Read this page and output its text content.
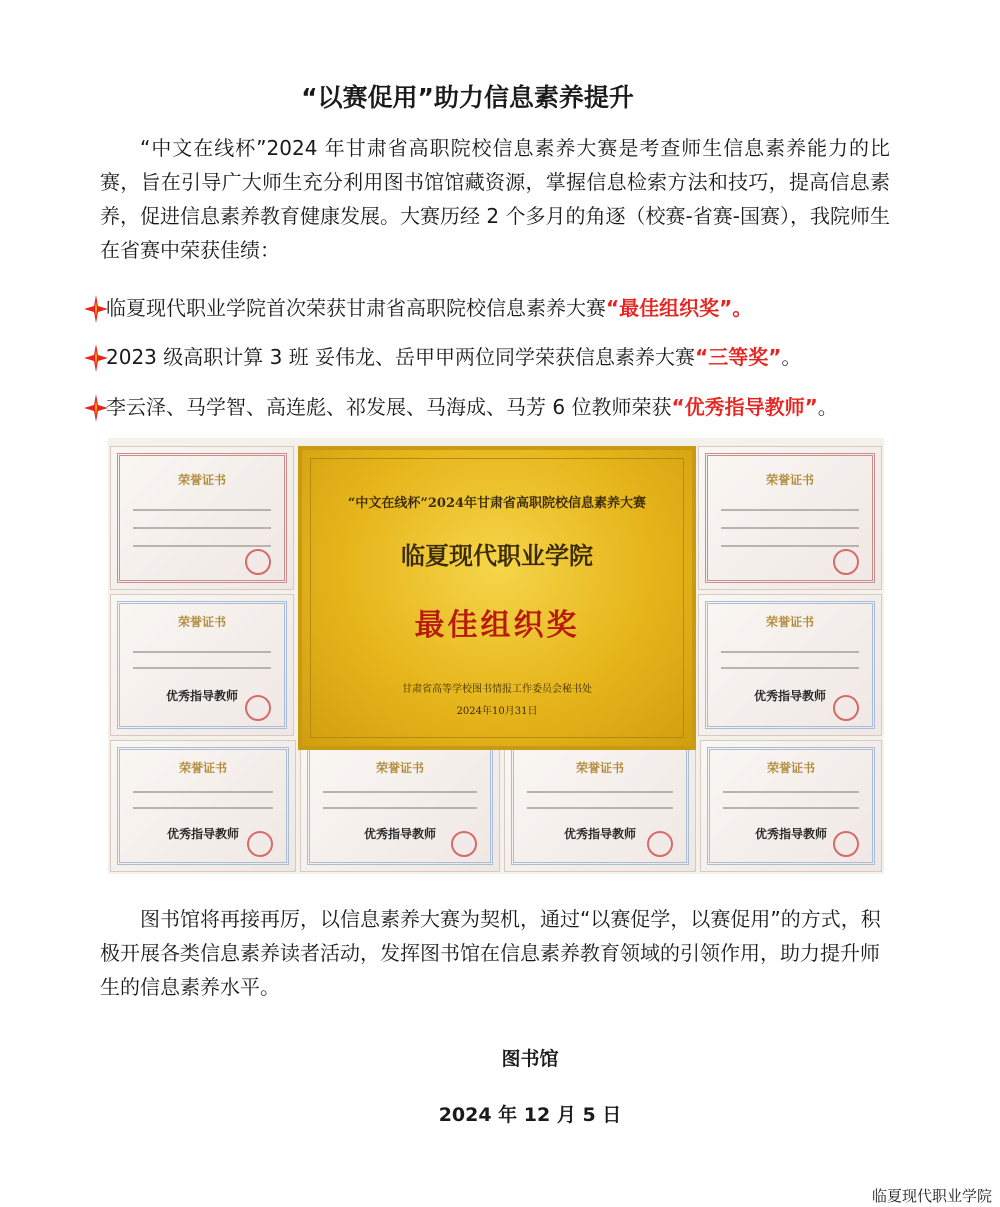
“以赛促用”助力信息素养提升
“中文在线杯”2024 年甘肃省高职院校信息素养大赛是考查师生信息素养能力的比赛，旨在引导广大师生充分利用图书馆馆藏资源，掌握信息检索方法和技巧，提高信息素养，促进信息素养教育健康发展。大赛历经 2 个多月的角逐（校赛-省赛-国赛），我院师生在省赛中荣获佳绩：
临夏现代职业学院首次荣获甘肃省高职院校信息素养大赛“最佳组织奖”。
2023 级高职计算 3 班 妥伟龙、岳甲甲两位同学荣获信息素养大赛“三等奖”。
李云泽、马学智、高连彪、祁发展、马海成、马芳 6 位教师荣获“优秀指导教师”。
荣誉证书	荣誉证书
荣誉证书
优秀指导教师
荣誉证书
优秀指导教师
荣誉证书
优秀指导教师
荣誉证书
优秀指导教师
荣誉证书
优秀指导教师
荣誉证书
优秀指导教师
“中文在线杯”2024年甘肃省高职院校信息素养大赛
临夏现代职业学院
最佳组织奖
甘肃省高等学校图书情报工作委员会秘书处
2024年10月31日
图书馆将再接再厉，以信息素养大赛为契机，通过“以赛促学，以赛促用”的方式，积极开展各类信息素养读者活动，发挥图书馆在信息素养教育领域的引领作用，助力提升师生的信息素养水平。
图书馆
2024 年 12 月 5 日
临夏现代职业学院
